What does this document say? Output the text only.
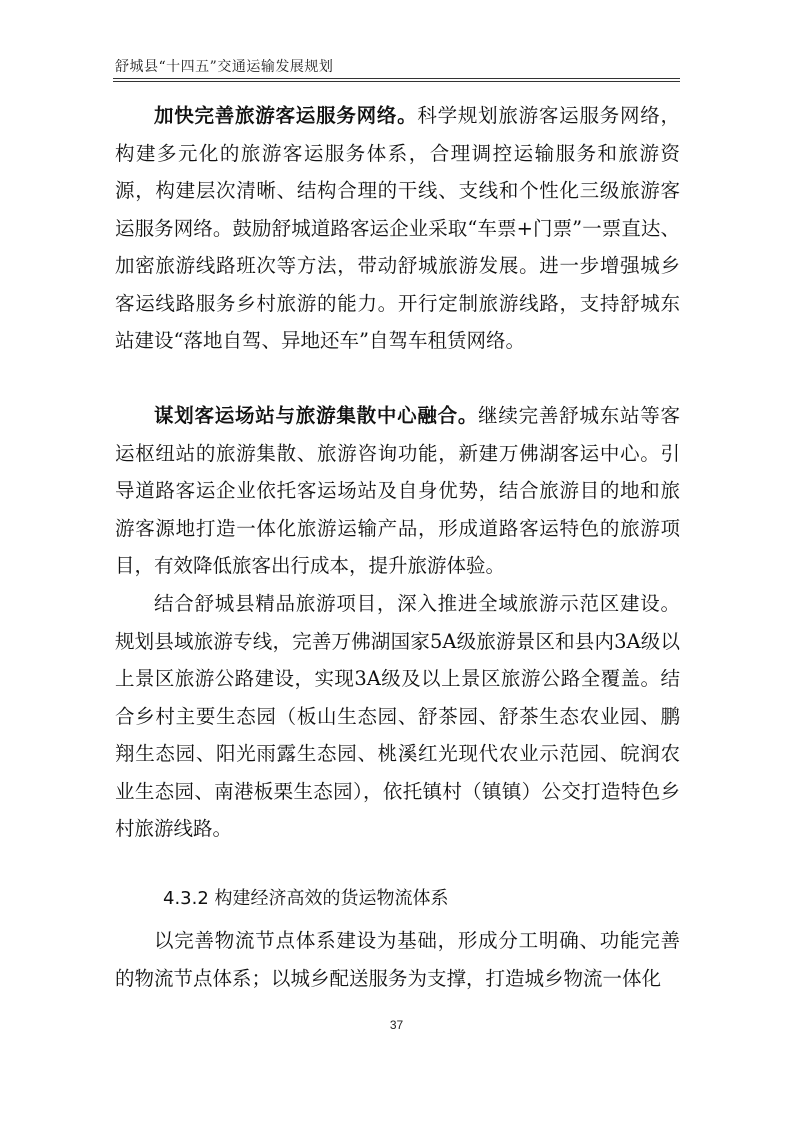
舒城县“十四五”交通运输发展规划

加快完善旅游客运服务网络。科学规划旅游客运服务网络，构建多元化的旅游客运服务体系，合理调控运输服务和旅游资源，构建层次清晰、结构合理的干线、支线和个性化三级旅游客运服务网络。鼓励舒城道路客运企业采取“车票+门票”一票直达、加密旅游线路班次等方法，带动舒城旅游发展。进一步增强城乡客运线路服务乡村旅游的能力。开行定制旅游线路，支持舒城东站建设“落地自驾、异地还车”自驾车租赁网络。

谋划客运场站与旅游集散中心融合。继续完善舒城东站等客运枢纽站的旅游集散、旅游咨询功能，新建万佛湖客运中心。引导道路客运企业依托客运场站及自身优势，结合旅游目的地和旅游客源地打造一体化旅游运输产品，形成道路客运特色的旅游项目，有效降低旅客出行成本，提升旅游体验。

结合舒城县精品旅游项目，深入推进全域旅游示范区建设。规划县域旅游专线，完善万佛湖国家5A级旅游景区和县内3A级以上景区旅游公路建设，实现3A级及以上景区旅游公路全覆盖。结合乡村主要生态园（板山生态园、舒茶园、舒茶生态农业园、鹏翔生态园、阳光雨露生态园、桃溪红光现代农业示范园、皖润农业生态园、南港板栗生态园），依托镇村（镇镇）公交打造特色乡村旅游线路。

4.3.2 构建经济高效的货运物流体系

以完善物流节点体系建设为基础，形成分工明确、功能完善的物流节点体系；以城乡配送服务为支撑，打造城乡物流一体化

37
